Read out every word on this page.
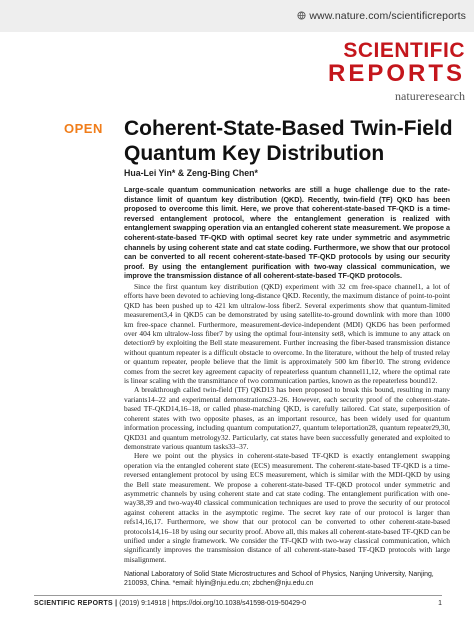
www.nature.com/scientificreports
SCIENTIFIC
REPORTS
natureresearch
OPEN Coherent-State-Based Twin-Field Quantum Key Distribution
Hua-Lei Yin* & Zeng-Bing Chen*
Large-scale quantum communication networks are still a huge challenge due to the rate-distance limit of quantum key distribution (QKD). Recently, twin-field (TF) QKD has been proposed to overcome this limit. Here, we prove that coherent-state-based TF-QKD is a time-reversed entanglement protocol, where the entanglement generation is realized with entanglement swapping operation via an entangled coherent state measurement. We propose a coherent-state-based TF-QKD with optimal secret key rate under symmetric and asymmetric channels by using coherent state and cat state coding. Furthermore, we show that our protocol can be converted to all recent coherent-state-based TF-QKD protocols by using our security proof. By using the entanglement purification with two-way classical communication, we improve the transmission distance of all coherent-state-based TF-QKD protocols.

Since the first quantum key distribution (QKD) experiment with 32 cm free-space channel1, a lot of efforts have been devoted to achieving long-distance QKD. Recently, the maximum distance of point-to-point QKD has been pushed up to 421 km ultralow-loss fiber2. Several experiments show that quantum-limited measurement3,4 in QKD5 can be demonstrated by using satellite-to-ground downlink with more than 1000 km free-space channel. Furthermore, measurement-device-independent (MDI) QKD6 has been performed over 404 km ultralow-loss fiber7 by using the optimal four-intensity set8, which is immune to any attack on detection9 by exploiting the Bell state measurement. Further increasing the fiber-based transmission distance without quantum repeater is a difficult obstacle to overcome. In the literature, without the help of trusted relay or quantum repeater, people believe that the limit is approximately 500 km fiber10. The strong evidence comes from the secret key agreement capacity of repeaterless quantum channel11,12, where the optimal rate is linear scaling with the transmittance of two communication parties, known as the repeaterless bound12.

A breakthrough called twin-field (TF) QKD13 has been proposed to break this bound, resulting in many variants14–22 and experimental demonstrations23–26. However, each security proof of the coherent-state-based TF-QKD14,16–18, or called phase-matching QKD, is carefully tailored. Cat state, superposition of coherent states with two opposite phases, as an important resource, has been widely used for quantum information processing, including quantum computation27, quantum teleportation28, quantum repeater29,30, QKD31 and quantum metrology32. Particularly, cat states have been successfully generated and exploited to demonstrate various quantum tasks33–37.

Here we point out the physics in coherent-state-based TF-QKD is exactly entanglement swapping operation via the entangled coherent state (ECS) measurement. The coherent-state-based TF-QKD is a time-reversed entanglement protocol by using ECS measurement, which is similar with the MDI-QKD by using the Bell state measurement. We propose a coherent-state-based TF-QKD protocol under symmetric and asymmetric channels by using coherent state and cat state coding. The entanglement purification with one-way38,39 and two-way40 classical communication techniques are used to prove the security of our protocol against coherent attacks in the asymptotic regime. The secret key rate of our protocol is larger than refs14,16,17. Furthermore, we show that our protocol can be converted to other coherent-state-based protocols14,16–18 by using our security proof. Above all, this makes all coherent-state-based TF-QKD can be unified under a single framework. We consider the TF-QKD with two-way classical communication, which significantly improves the transmission distance of all coherent-state-based TF-QKD protocols with large misalignment.

National Laboratory of Solid State Microstructures and School of Physics, Nanjing University, Nanjing, 210093, China. *email: hlyin@nju.edu.cn; zbchen@nju.edu.cn
SCIENTIFIC REPORTS | (2019) 9:14918 | https://doi.org/10.1038/s41598-019-50429-0	1
